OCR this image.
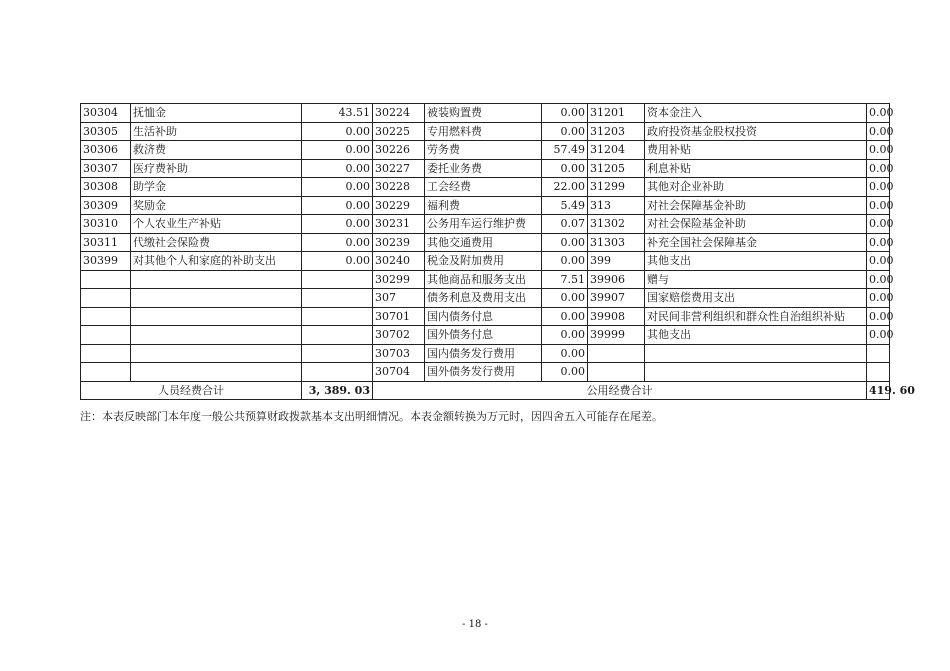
30304	抚恤金	43.51	30224	被装购置费	0.00	31201	资本金注入	0.00
30305	生活补助	0.00	30225	专用燃料费	0.00	31203	政府投资基金股权投资	0.00
30306	救济费	0.00	30226	劳务费	57.49	31204	费用补贴	0.00
30307	医疗费补助	0.00	30227	委托业务费	0.00	31205	利息补贴	0.00
30308	助学金	0.00	30228	工会经费	22.00	31299	其他对企业补助	0.00
30309	奖励金	0.00	30229	福利费	5.49	313	对社会保障基金补助	0.00
30310	个人农业生产补贴	0.00	30231	公务用车运行维护费	0.07	31302	对社会保险基金补助	0.00
30311	代缴社会保险费	0.00	30239	其他交通费用	0.00	31303	补充全国社会保障基金	0.00
30399	对其他个人和家庭的补助支出	0.00	30240	税金及附加费用	0.00	399	其他支出	0.00
			30299	其他商品和服务支出	7.51	39906	赠与	0.00
			307	债务利息及费用支出	0.00	39907	国家赔偿费用支出	0.00
			30701	国内债务付息	0.00	39908	对民间非营利组织和群众性自治组织补贴	0.00
			30702	国外债务付息	0.00	39999	其他支出	0.00
			30703	国内债务发行费用	0.00			
			30704	国外债务发行费用	0.00			
人员经费合计		3, 389. 03	公用经费合计					419. 60
注：本表反映部门本年度一般公共预算财政拨款基本支出明细情况。本表金额转换为万元时，因四舍五入可能存在尾差。
- 18 -
